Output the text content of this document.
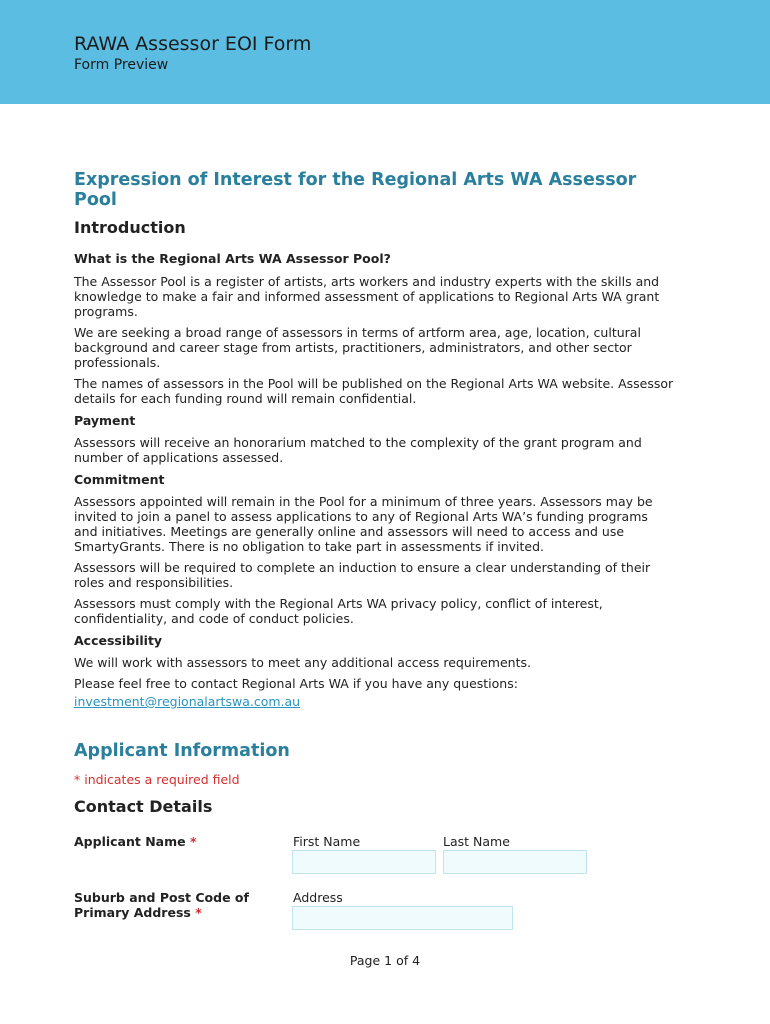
RAWA Assessor EOI Form
Form Preview
Expression of Interest for the Regional Arts WA Assessor Pool
Introduction

What is the Regional Arts WA Assessor Pool?

The Assessor Pool is a register of artists, arts workers and industry experts with the skills and knowledge to make a fair and informed assessment of applications to Regional Arts WA grant programs.

We are seeking a broad range of assessors in terms of artform area, age, location, cultural background and career stage from artists, practitioners, administrators, and other sector professionals.

The names of assessors in the Pool will be published on the Regional Arts WA website. Assessor details for each funding round will remain confidential.

Payment

Assessors will receive an honorarium matched to the complexity of the grant program and number of applications assessed.

Commitment

Assessors appointed will remain in the Pool for a minimum of three years. Assessors may be invited to join a panel to assess applications to any of Regional Arts WA’s funding programs and initiatives. Meetings are generally online and assessors will need to access and use SmartyGrants. There is no obligation to take part in assessments if invited.

Assessors will be required to complete an induction to ensure a clear understanding of their roles and responsibilities.

Assessors must comply with the Regional Arts WA privacy policy, conflict of interest, confidentiality, and code of conduct policies.

Accessibility

We will work with assessors to meet any additional access requirements.

Please feel free to contact Regional Arts WA if you have any questions:

investment@regionalartswa.com.au
Applicant Information
* indicates a required field
Contact Details
Applicant Name *	First Name	Last Name
Suburb and Post Code of Primary Address *
Address
Page 1 of 4
